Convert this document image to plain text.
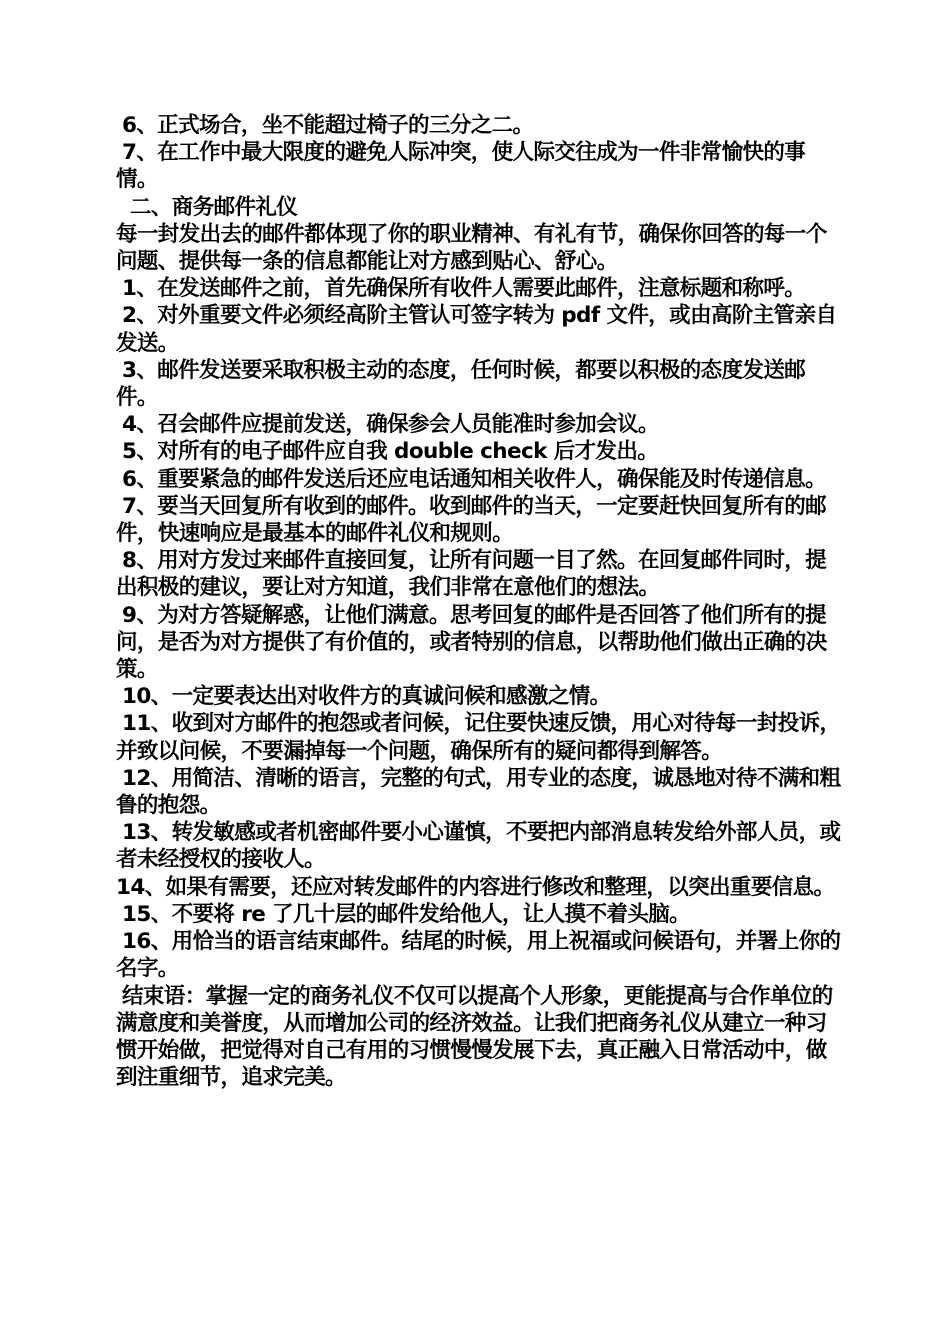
6、正式场合，坐不能超过椅子的三分之二。

7、在工作中最大限度的避免人际冲突，使人际交往成为一件非常愉快的事情。

二、商务邮件礼仪

每一封发出去的邮件都体现了你的职业精神、有礼有节，确保你回答的每一个问题、提供每一条的信息都能让对方感到贴心、舒心。

1、在发送邮件之前，首先确保所有收件人需要此邮件，注意标题和称呼。

2、对外重要文件必须经高阶主管认可签字转为 pdf 文件，或由高阶主管亲自发送。

3、邮件发送要采取积极主动的态度，任何时候，都要以积极的态度发送邮件。

4、召会邮件应提前发送，确保参会人员能准时参加会议。

5、对所有的电子邮件应自我 double check 后才发出。

6、重要紧急的邮件发送后还应电话通知相关收件人，确保能及时传递信息。

7、要当天回复所有收到的邮件。收到邮件的当天，一定要赶快回复所有的邮件，快速响应是最基本的邮件礼仪和规则。

8、用对方发过来邮件直接回复，让所有问题一目了然。在回复邮件同时，提出积极的建议，要让对方知道，我们非常在意他们的想法。

9、为对方答疑解惑，让他们满意。思考回复的邮件是否回答了他们所有的提问，是否为对方提供了有价值的，或者特别的信息，以帮助他们做出正确的决策。

10、一定要表达出对收件方的真诚问候和感激之情。

11、收到对方邮件的抱怨或者问候，记住要快速反馈，用心对待每一封投诉，并致以问候，不要漏掉每一个问题，确保所有的疑问都得到解答。

12、用简洁、清晰的语言，完整的句式，用专业的态度，诚恳地对待不满和粗鲁的抱怨。

13、转发敏感或者机密邮件要小心谨慎，不要把内部消息转发给外部人员，或者未经授权的接收人。

14、如果有需要，还应对转发邮件的内容进行修改和整理，以突出重要信息。

15、不要将 re 了几十层的邮件发给他人，让人摸不着头脑。

16、用恰当的语言结束邮件。结尾的时候，用上祝福或问候语句，并署上你的名字。

结束语：掌握一定的商务礼仪不仅可以提高个人形象，更能提高与合作单位的满意度和美誉度，从而增加公司的经济效益。让我们把商务礼仪从建立一种习惯开始做，把觉得对自己有用的习惯慢慢发展下去，真正融入日常活动中，做到注重细节，追求完美。
